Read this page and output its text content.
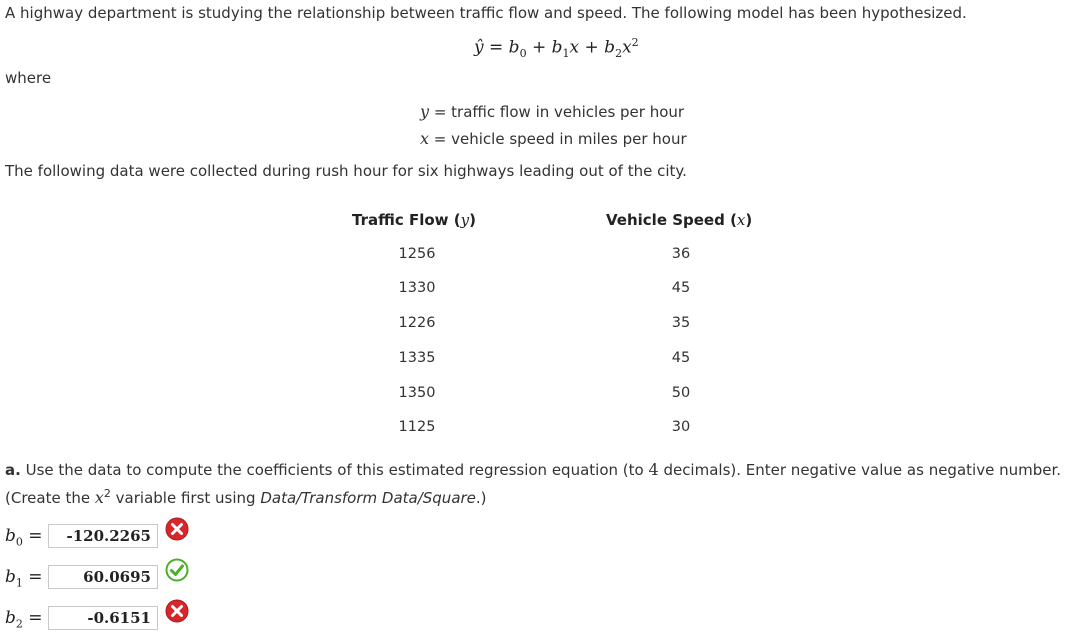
A highway department is studying the relationship between traffic flow and speed. The following model has been hypothesized.
ŷ = $b_0 + b_1x + b_2x^2$
where
y = traffic flow in vehicles per hour
x = vehicle speed in miles per hour
The following data were collected during rush hour for six highways leading out of the city.
Traffic Flow (y)	Vehicle Speed (x)
1256	36
1330	45
1226	35
1335	45
1350	50
1125	30
a. Use the data to compute the coefficients of this estimated regression equation (to 4 decimals). Enter negative value as negative number.
(Create the $x^2$ variable first using Data/Transform Data/Square.)
$b_0$ =	-120.2265
$b_1$ =	60.0695
$b_2$ =	-0.6151
